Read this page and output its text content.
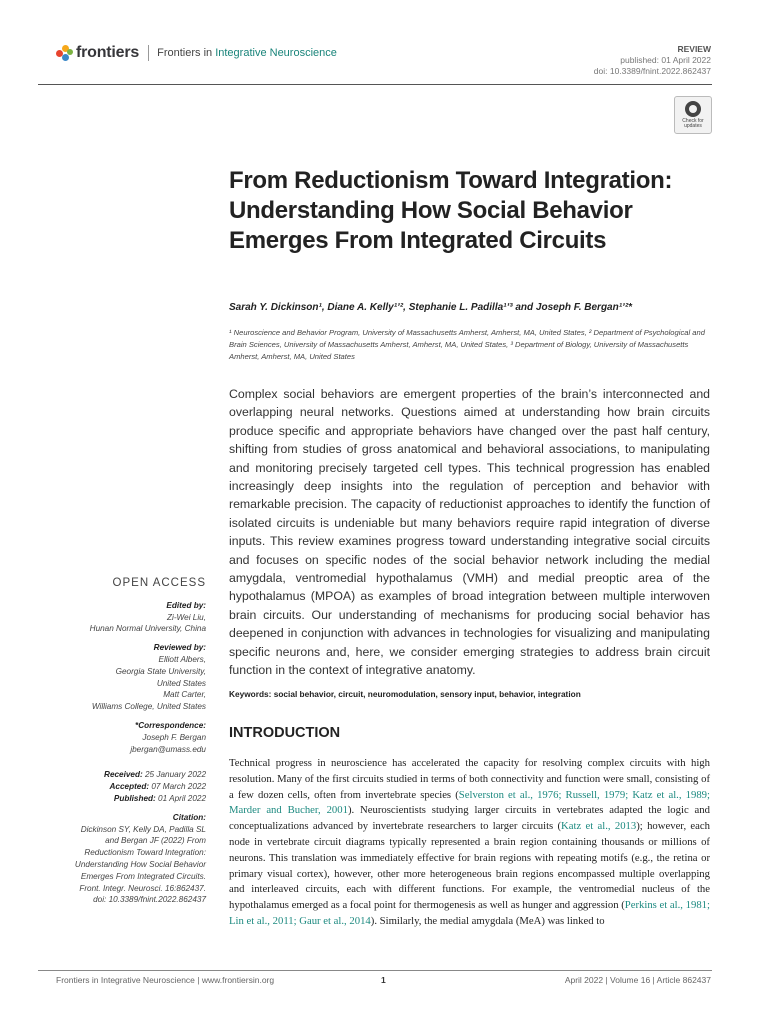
frontiers Frontiers in Integrative Neuroscience	REVIEW
published: 01 April 2022
doi: 10.3389/fnint.2022.862437
Check for updates
From Reductionism Toward Integration: Understanding How Social Behavior Emerges From Integrated Circuits
Sarah Y. Dickinson¹, Diane A. Kelly¹ʼ², Stephanie L. Padilla¹ʼ³ and Joseph F. Bergan¹ʼ²*
¹ Neuroscience and Behavior Program, University of Massachusetts Amherst, Amherst, MA, United States, ² Department of Psychological and Brain Sciences, University of Massachusetts Amherst, Amherst, MA, United States, ³ Department of Biology, University of Massachusetts Amherst, Amherst, MA, United States
Complex social behaviors are emergent properties of the brain’s interconnected and overlapping neural networks. Questions aimed at understanding how brain circuits produce specific and appropriate behaviors have changed over the past half century, shifting from studies of gross anatomical and behavioral associations, to manipulating and monitoring precisely targeted cell types. This technical progression has enabled increasingly deep insights into the regulation of perception and behavior with remarkable precision. The capacity of reductionist approaches to identify the function of isolated circuits is undeniable but many behaviors require rapid integration of diverse inputs. This review examines progress toward understanding integrative social circuits and focuses on specific nodes of the social behavior network including the medial amygdala, ventromedial hypothalamus (VMH) and medial preoptic area of the hypothalamus (MPOA) as examples of broad integration between multiple interwoven brain circuits. Our understanding of mechanisms for producing social behavior has deepened in conjunction with advances in technologies for visualizing and manipulating specific neurons and, here, we consider emerging strategies to address brain circuit function in the context of integrative anatomy.
Keywords: social behavior, circuit, neuromodulation, sensory input, behavior, integration
INTRODUCTION
Technical progress in neuroscience has accelerated the capacity for resolving complex circuits with high resolution. Many of the first circuits studied in terms of both connectivity and function were small, consisting of a few dozen cells, often from invertebrate species (Selverston et al., 1976; Russell, 1979; Katz et al., 1989; Marder and Bucher, 2001). Neuroscientists studying larger circuits in vertebrates adapted the logic and conceptualizations advanced by invertebrate researchers to larger circuits (Katz et al., 2013); however, each node in vertebrate circuit diagrams typically represented a brain region containing thousands or millions of neurons. This translation was immediately effective for brain regions with repeating motifs (e.g., the retina or primary visual cortex), however, other more heterogeneous brain regions encompassed multiple overlapping and interleaved circuits, each with different functions. For example, the ventromedial nucleus of the hypothalamus emerged as a focal point for thermogenesis as well as hunger and aggression (Perkins et al., 1981; Lin et al., 2011; Gaur et al., 2014). Similarly, the medial amygdala (MeA) was linked to
OPEN ACCESS
Edited by:
Zi-Wei Liu,
Hunan Normal University, China
Reviewed by:
Elliott Albers,
Georgia State University,
United States
Matt Carter,
Williams College, United States
*Correspondence:
Joseph F. Bergan
jbergan@umass.edu
Received: 25 January 2022
Accepted: 07 March 2022
Published: 01 April 2022
Citation:
Dickinson SY, Kelly DA, Padilla SL
and Bergan JF (2022) From
Reductionism Toward Integration:
Understanding How Social Behavior
Emerges From Integrated Circuits.
Front. Integr. Neurosci. 16:862437.
doi: 10.3389/fnint.2022.862437
Frontiers in Integrative Neuroscience | www.frontiersin.org	1	April 2022 | Volume 16 | Article 862437
